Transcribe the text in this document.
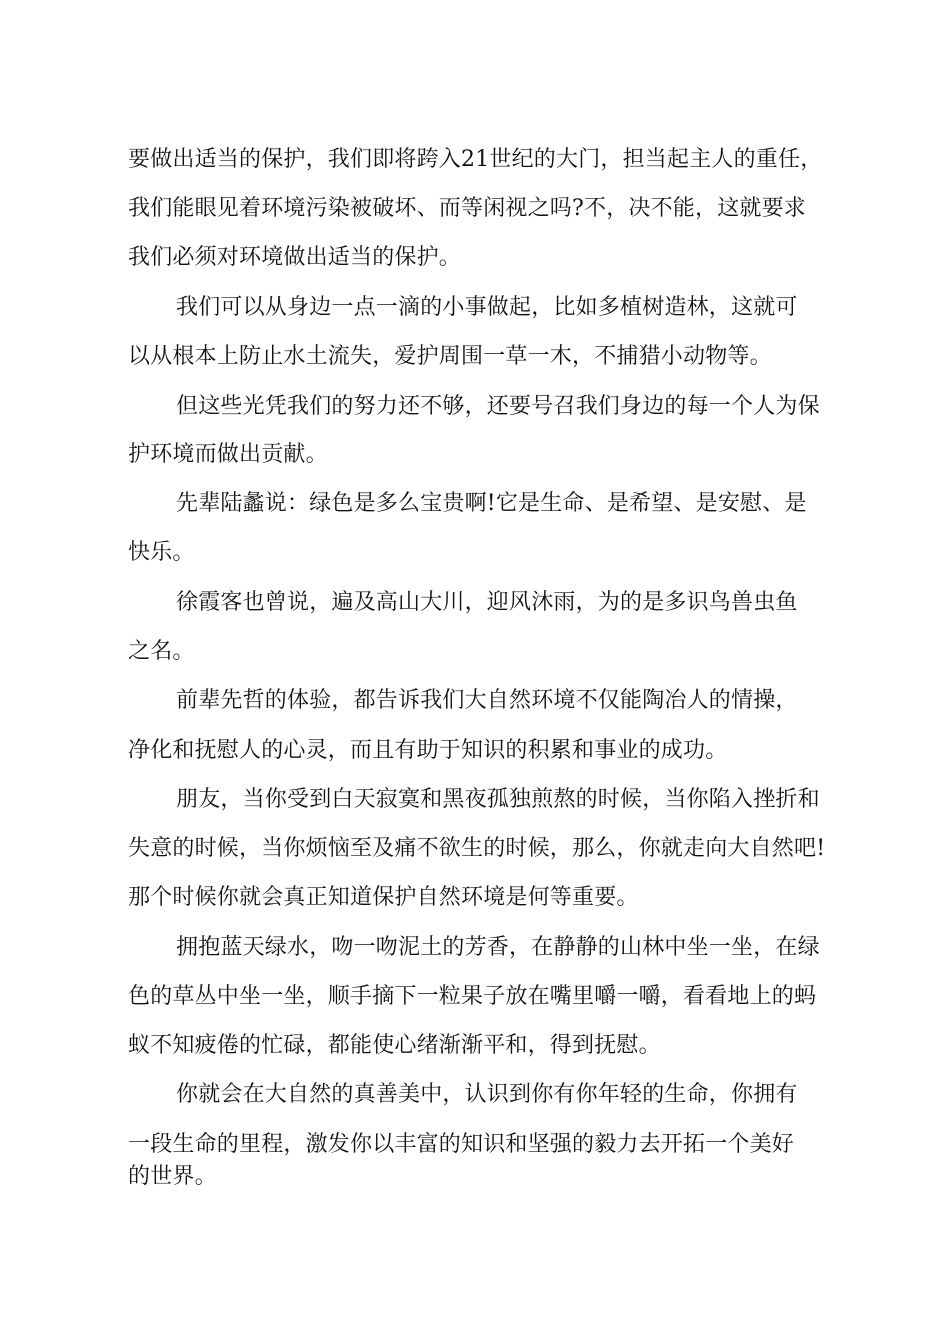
要做出适当的保护，我们即将跨入21世纪的大门，担当起主人的重任，
我们能眼见着环境污染被破坏、而等闲视之吗?不，决不能，这就要求
我们必须对环境做出适当的保护。
我们可以从身边一点一滴的小事做起，比如多植树造林，这就可
以从根本上防止水土流失，爱护周围一草一木，不捕猎小动物等。
但这些光凭我们的努力还不够，还要号召我们身边的每一个人为保
护环境而做出贡献。
先辈陆蠡说：绿色是多么宝贵啊!它是生命、是希望、是安慰、是
快乐。
徐霞客也曾说，遍及高山大川，迎风沐雨，为的是多识鸟兽虫鱼
之名。
前辈先哲的体验，都告诉我们大自然环境不仅能陶冶人的情操，
净化和抚慰人的心灵，而且有助于知识的积累和事业的成功。
朋友，当你受到白天寂寞和黑夜孤独煎熬的时候，当你陷入挫折和
失意的时候，当你烦恼至及痛不欲生的时候，那么，你就走向大自然吧!
那个时候你就会真正知道保护自然环境是何等重要。
拥抱蓝天绿水，吻一吻泥土的芳香，在静静的山林中坐一坐，在绿
色的草丛中坐一坐，顺手摘下一粒果子放在嘴里嚼一嚼，看看地上的蚂
蚁不知疲倦的忙碌，都能使心绪渐渐平和，得到抚慰。
你就会在大自然的真善美中，认识到你有你年轻的生命，你拥有
一段生命的里程，激发你以丰富的知识和坚强的毅力去开拓一个美好
的世界。
